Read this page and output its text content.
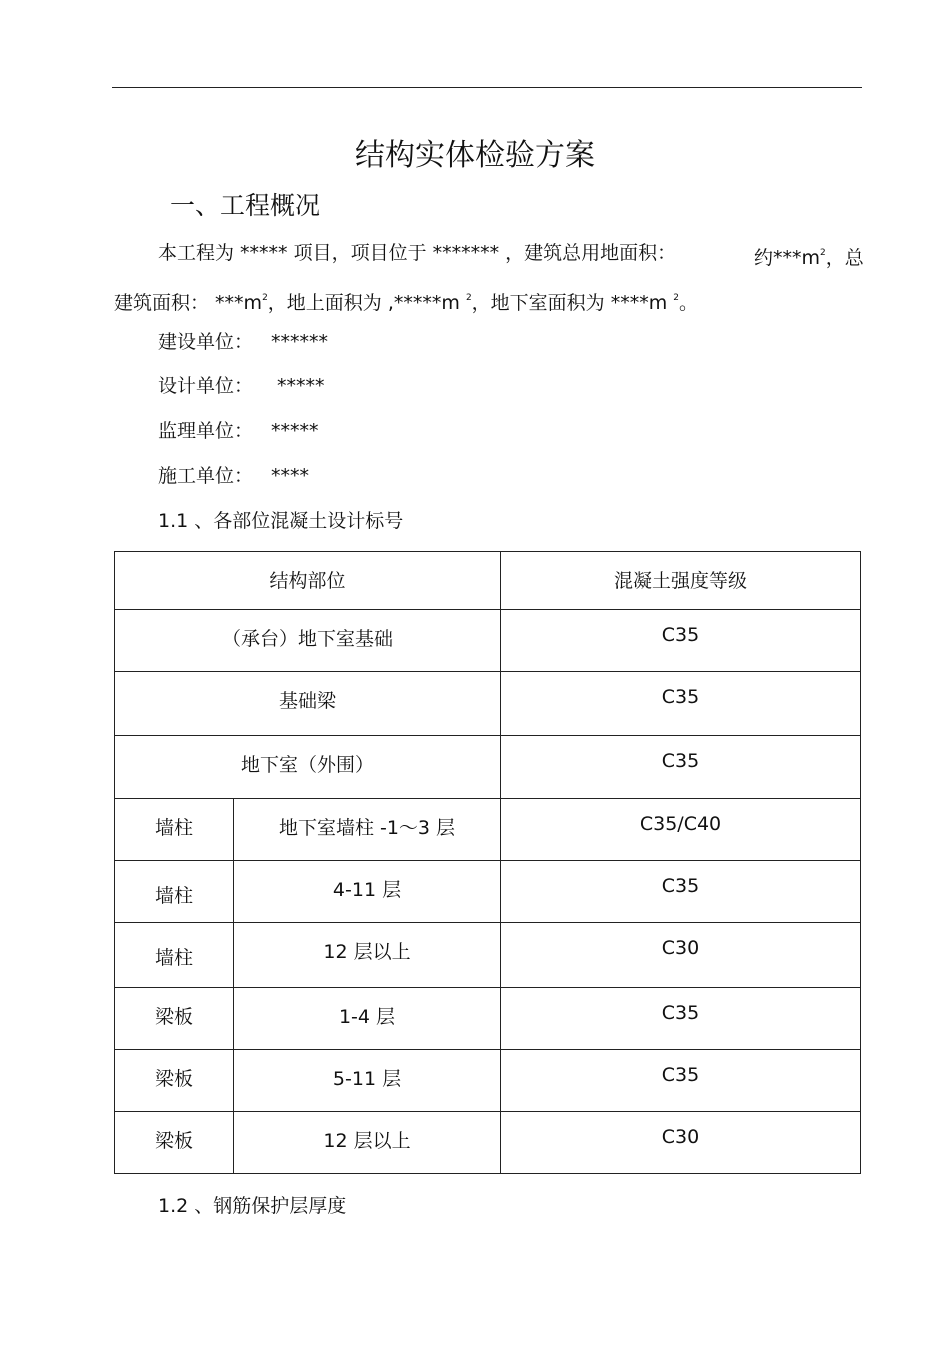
结构实体检验方案
一、工程概况
本工程为 ***** 项目，项目位于 ******* ，建筑总用地面积：	约$***m^2$，总
建筑面积： $***m^2$，地上面积为 ,*****m $^2$，地下室面积为 ****m $^2$。
建设单位： ******
设计单位： *****
监理单位： *****
施工单位： ****
1.1 、各部位混凝土设计标号
结构部位		混凝土强度等级
（承台）地下室基础		C35
基础梁		C35
地下室（外围）		C35
墙柱	地下室墙柱 -1～3 层	C35/C40
墙柱	4-11 层	C35
墙柱	12 层以上	C30
梁板	1-4 层	C35
梁板	5-11 层	C35
梁板	12 层以上	C30
1.2 、钢筋保护层厚度
